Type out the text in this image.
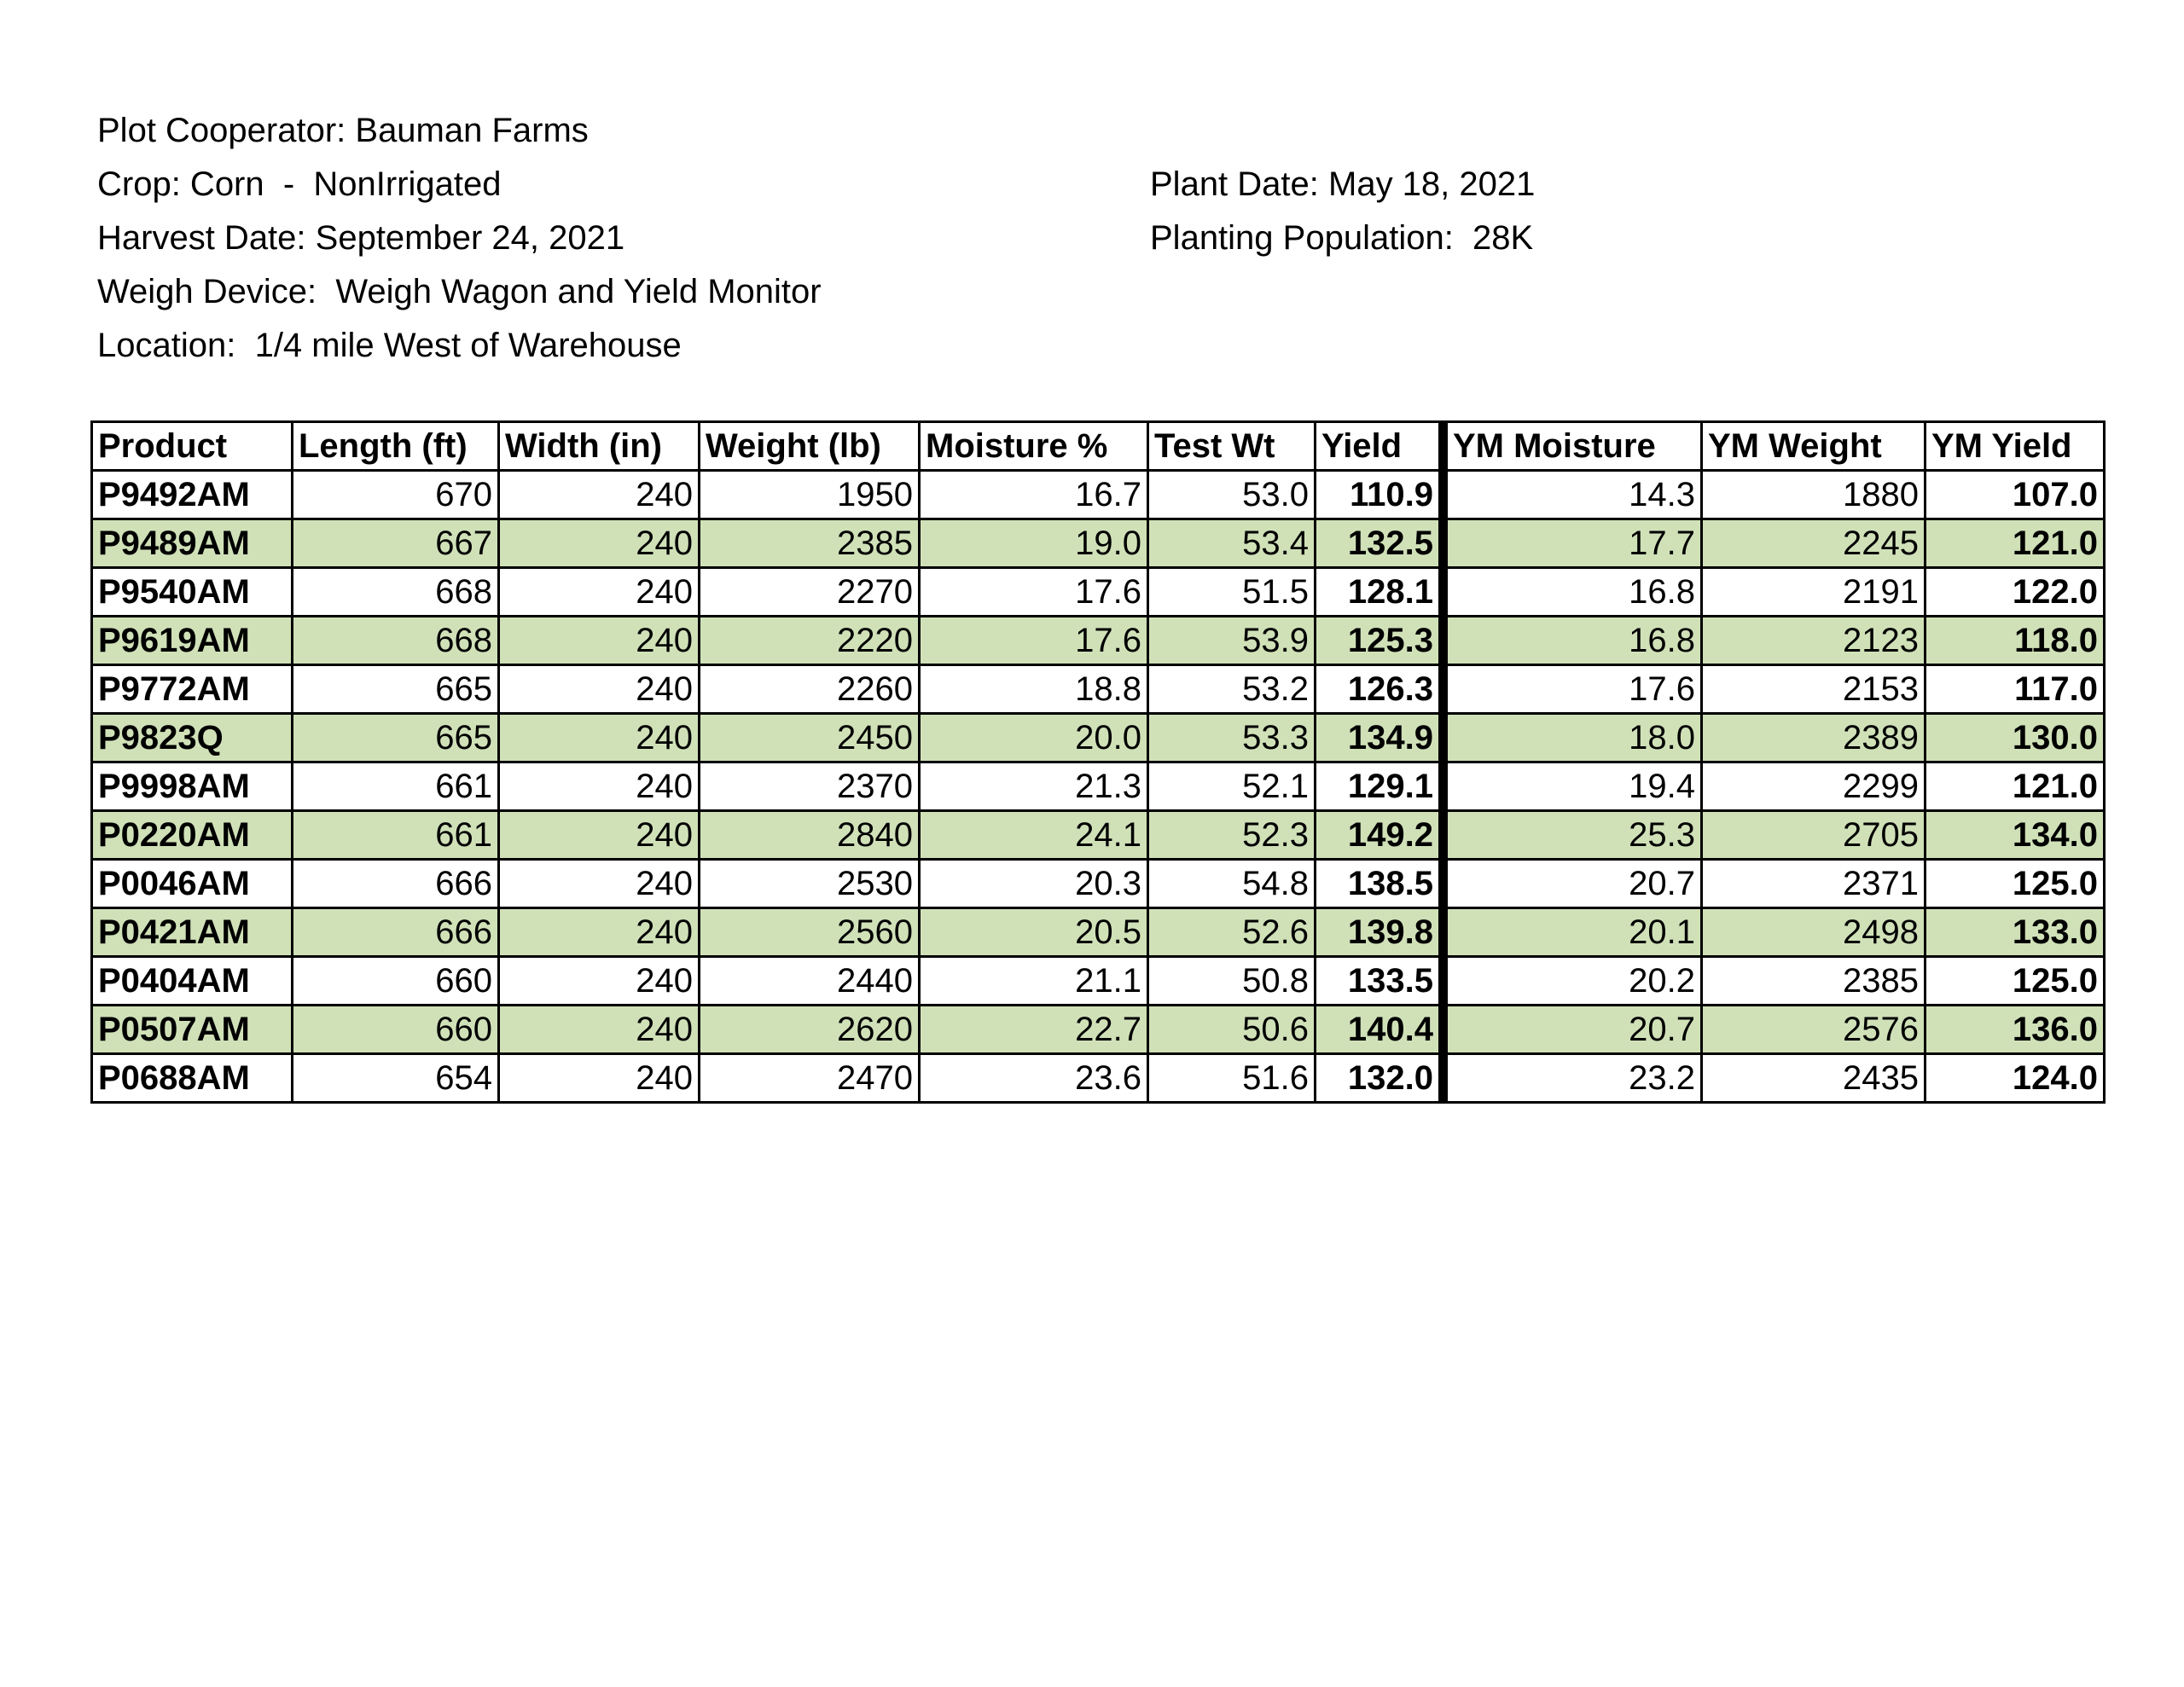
Plot Cooperator: Bauman Farms
Crop: Corn  -  NonIrrigated
Harvest Date: September 24, 2021
Weigh Device:  Weigh Wagon and Yield Monitor
Location:  1/4 mile West of Warehouse
Plant Date: May 18, 2021
Planting Population:  28K
Product	Length (ft)	Width (in)	Weight (lb)	Moisture %	Test Wt	Yield	YM Moisture	YM Weight	YM Yield
P9492AM	670	240	1950	16.7	53.0	110.9	14.3	1880	107.0
P9489AM	667	240	2385	19.0	53.4	132.5	17.7	2245	121.0
P9540AM	668	240	2270	17.6	51.5	128.1	16.8	2191	122.0
P9619AM	668	240	2220	17.6	53.9	125.3	16.8	2123	118.0
P9772AM	665	240	2260	18.8	53.2	126.3	17.6	2153	117.0
P9823Q	665	240	2450	20.0	53.3	134.9	18.0	2389	130.0
P9998AM	661	240	2370	21.3	52.1	129.1	19.4	2299	121.0
P0220AM	661	240	2840	24.1	52.3	149.2	25.3	2705	134.0
P0046AM	666	240	2530	20.3	54.8	138.5	20.7	2371	125.0
P0421AM	666	240	2560	20.5	52.6	139.8	20.1	2498	133.0
P0404AM	660	240	2440	21.1	50.8	133.5	20.2	2385	125.0
P0507AM	660	240	2620	22.7	50.6	140.4	20.7	2576	136.0
P0688AM	654	240	2470	23.6	51.6	132.0	23.2	2435	124.0
